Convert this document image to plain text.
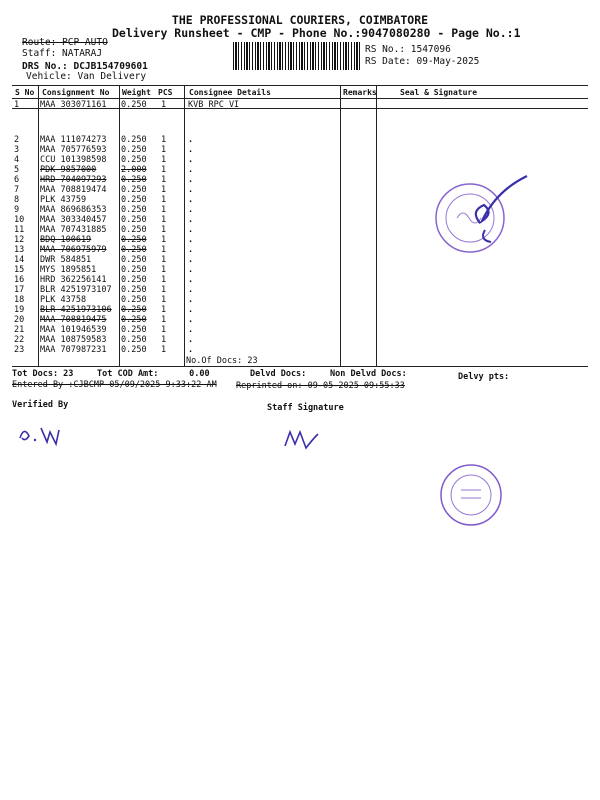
THE PROFESSIONAL COURIERS, COIMBATORE
Delivery Runsheet - CMP - Phone No.:9047080280 - Page No.:1
Route: PCP AUTO
Staff: NATARAJ
DRS No.: DCJB154709601
Vehicle: Van Delivery
RS No.: 1547096
RS Date: 09-May-2025
S No Consignment No Weight PCS Consignee Details	Remarks	Seal & Signature
1 MAA 303071161 0.250 1	KVB RPC VI
2 MAA 111074273 0.250 1	.
3 MAA 705776593 0.250 1	.
4 CCU 101398598 0.250 1	.
5 PDK 9857000	2.000 1	.
6 HRD 704097293 0.250 1	.
7 MAA 708819474 0.250 1	.
8 PLK 43759	0.250 1	.
9 MAA 869686353 0.250 1	.
10 MAA 303340457 0.250 1	.
11 MAA 707431885 0.250 1	.
12 BDQ 100619	0.250 1	.
13 MAA 706975979 0.250 1	.
14 DWR 584851	0.250 1	.
15 MYS 1895851	0.250 1	.
16 HRD 362256141 0.250 1	.
17 BLR 4251973107 0.250 1	.
18 PLK 43758	0.250 1	.
19 BLR 4251973106 0.250 1	.
20 MAA 708819475 0.250 1	.
21 MAA 101946539 0.250 1	.
22 MAA 108759583 0.250 1	.
23 MAA 707987231 0.250 1	.
No.Of Docs: 23
Tot Docs: 23	Tot COD Amt:      0.00	Delvd Docs:	Non Delvd Docs:	Delvy pts:
Entered By :CJBCMP 05/09/2025 9:33:22 AM Reprinted on: 09-05-2025 09:55:33
Verified By	Staff Signature
